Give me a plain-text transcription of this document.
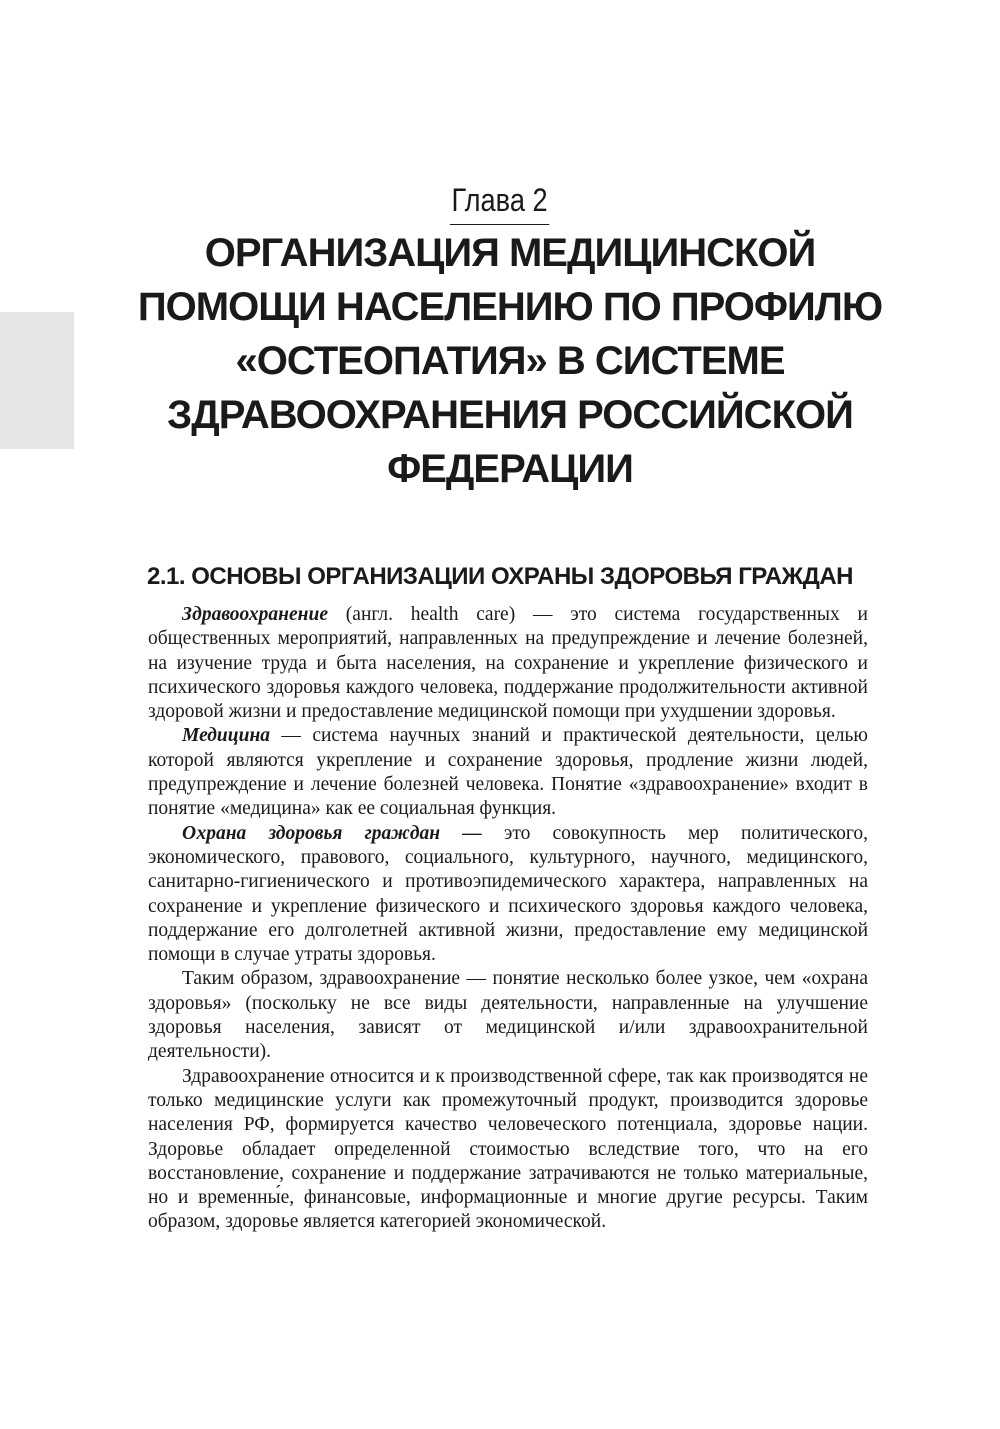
Глава 2
ОРГАНИЗАЦИЯ МЕДИЦИНСКОЙ ПОМОЩИ НАСЕЛЕНИЮ ПО ПРОФИЛЮ «ОСТЕОПАТИЯ» В СИСТЕМЕ ЗДРАВООХРАНЕНИЯ РОССИЙСКОЙ ФЕДЕРАЦИИ
2.1. ОСНОВЫ ОРГАНИЗАЦИИ ОХРАНЫ ЗДОРОВЬЯ ГРАЖДАН

Здравоохранение (англ. health care) — это система государственных и общественных мероприятий, направленных на предупреждение и лечение болезней, на изучение труда и быта населения, на сохранение и укрепление физического и психического здоровья каждого человека, поддержание продолжительности активной здоровой жизни и предоставление медицинской помощи при ухудшении здоровья.

Медицина — система научных знаний и практической деятельности, целью которой являются укрепление и сохранение здоровья, продление жизни людей, предупреждение и лечение болезней человека. Понятие «здравоохранение» входит в понятие «медицина» как ее социальная функция.

Охрана здоровья граждан — это совокупность мер политического, экономического, правового, социального, культурного, научного, медицинского, санитарно-гигиенического и противоэпидемического характера, направленных на сохранение и укрепление физического и психического здоровья каждого человека, поддержание его долголетней активной жизни, предоставление ему медицинской помощи в случае утраты здоровья.

Таким образом, здравоохранение — понятие несколько более узкое, чем «охрана здоровья» (поскольку не все виды деятельности, направленные на улучшение здоровья населения, зависят от медицинской и/или здравоохранительной деятельности).

Здравоохранение относится и к производственной сфере, так как производятся не только медицинские услуги как промежуточный продукт, производится здоровье населения РФ, формируется качество человеческого потенциала, здоровье нации. Здоровье обладает определенной стоимостью вследствие того, что на его восстановление, сохранение и поддержание затрачиваются не только материальные, но и временны́е, финансовые, информационные и многие другие ресурсы. Таким образом, здоровье является категорией экономической.
